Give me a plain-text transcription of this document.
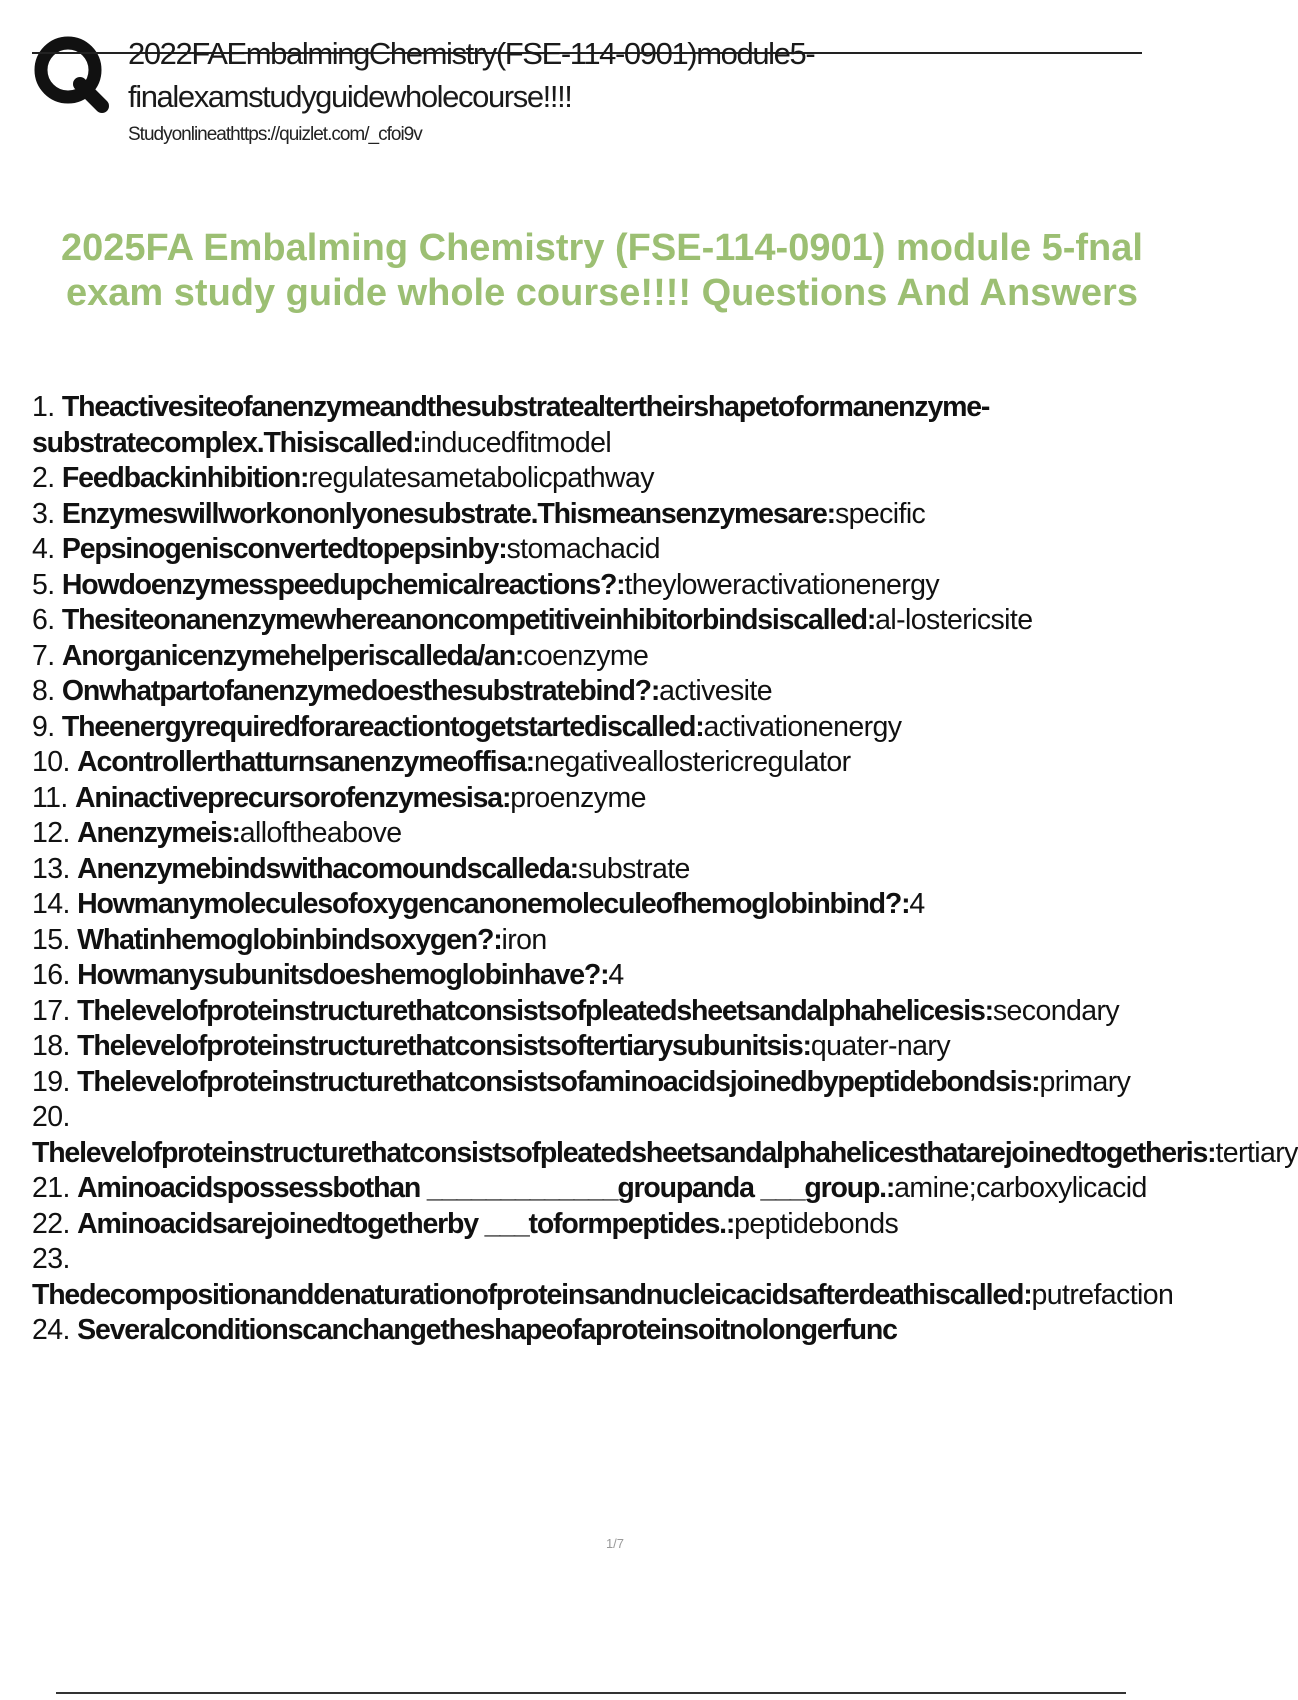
2022FAEmbalmingChemistry(FSE-114-0901)module5-finalexamstudyguidewholecourse!!!!
Studyonlineathttps://quizlet.com/_cfoi9v
2025FA Embalming Chemistry (FSE-114-0901) module 5-fnal exam study guide whole course!!!! Questions And Answers
1. Theactivesiteofanenzymeandthesubstratealtertheirshapetoformanenzyme-substratecomplex.Thisiscalled:inducedfitmodel
2. Feedbackinhibition:regulatesametabolicpathway
3. Enzymeswillworkononlyonesubstrate.Thismeansenzymesare:specific
4. Pepsinogenisconvertedtopepsinby:stomachacid
5. Howdoenzymesspeedupchemicalreactions?:theyloweractivationenergy
6. Thesiteonanenzymewhereanoncompetitiveinhibitorbindsiscalled:al-lostericsite
7. Anorganicenzymehelperiscalleda/an:coenzyme
8. Onwhatpartofanenzymedoesthesubstratebind?:activesite
9. Theenergyrequiredforareactiontogetstartediscalled:activationenergy
10. Acontrollerthatturnsanenzymeoffisa:negativeallostericregulator
11. Aninactiveprecursorofenzymesisa:proenzyme
12. Anenzymeis:alloftheabove
13. Anenzymebindswithacomoundscalleda:substrate
14. Howmanymoleculesofoxygencanonemoleculeofhemoglobinbind?:4
15. Whatinhemoglobinbindsoxygen?:iron
16. Howmanysubunitsdoeshemoglobinhave?:4
17. Thelevelofproteinstructurethatconsistsofpleatedsheetsandalphahelicesis:secondary
18. Thelevelofproteinstructurethatconsistsoftertiarysubunitsis:quater-nary
19. Thelevelofproteinstructurethatconsistsofaminoacidsjoinedbypeptidebondsis:primary
20. Thelevelofproteinstructurethatconsistsofpleatedsheetsandalphahelicesthatarejoinedtogetheris:tertiary
21. Aminoacidspossessbothan _____________groupanda ___group.:amine;carboxylicacid
22. Aminoacidsarejoinedtogetherby ___toformpeptides.:peptidebonds
23. Thedecompositionanddenaturationofproteinsandnucleicacidsafterdeathiscalled:putrefaction
24. Severalconditionscanchangetheshapeofaproteinsoitnolongerfunc
1/7
